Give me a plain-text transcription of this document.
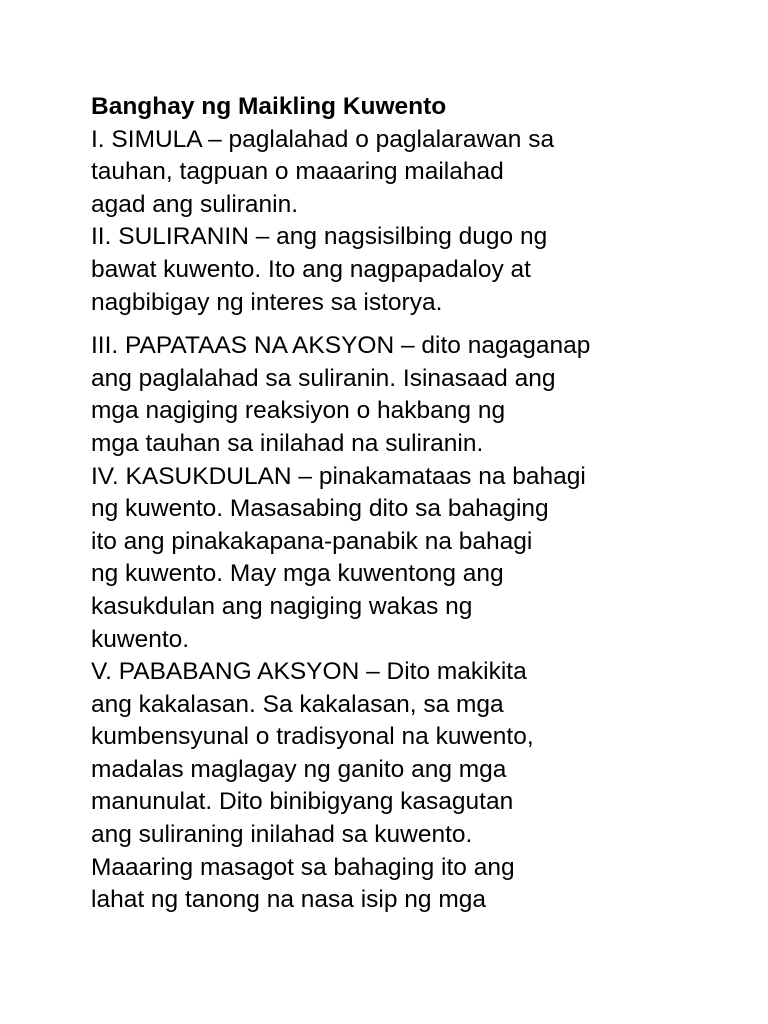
Banghay ng Maikling Kuwento
I. SIMULA – paglalahad o paglalarawan sa
tauhan, tagpuan o maaaring mailahad
agad ang suliranin.
II. SULIRANIN – ang nagsisilbing dugo ng
bawat kuwento. Ito ang nagpapadaloy at
nagbibigay ng interes sa istorya.
III. PAPATAAS NA AKSYON – dito nagaganap
ang paglalahad sa suliranin. Isinasaad ang
mga nagiging reaksiyon o hakbang ng
mga tauhan sa inilahad na suliranin.
IV. KASUKDULAN – pinakamataas na bahagi
ng kuwento. Masasabing dito sa bahaging
ito ang pinakakapana-panabik na bahagi
ng kuwento. May mga kuwentong ang
kasukdulan ang nagiging wakas ng
kuwento.
V. PABABANG AKSYON – Dito makikita
ang kakalasan. Sa kakalasan, sa mga
kumbensyunal o tradisyonal na kuwento,
madalas maglagay ng ganito ang mga
manunulat. Dito binibigyang kasagutan
ang suliraning inilahad sa kuwento.
Maaaring masagot sa bahaging ito ang
lahat ng tanong na nasa isip ng mga
